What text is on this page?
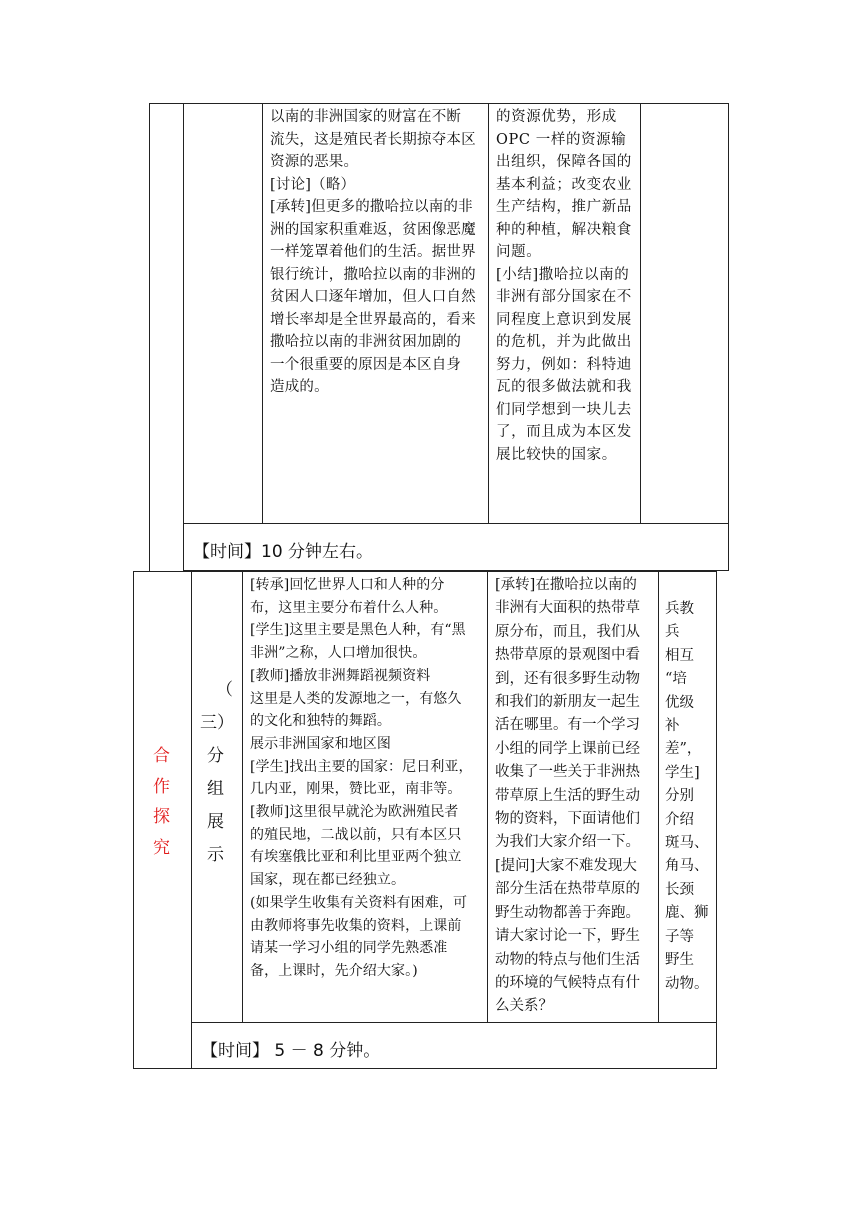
以南的非洲国家的财富在不断
流失，这是殖民者长期掠夺本区
资源的恶果。
[讨论]（略）
[承转]但更多的撒哈拉以南的非
洲的国家积重难返，贫困像恶魔
一样笼罩着他们的生活。据世界
银行统计，撒哈拉以南的非洲的
贫困人口逐年增加，但人口自然
增长率却是全世界最高的，看来
撒哈拉以南的非洲贫困加剧的
一个很重要的原因是本区自身
造成的。
的资源优势，形成
OPC 一样的资源输
出组织，保障各国的
基本利益；改变农业
生产结构，推广新品
种的种植，解决粮食
问题。
[小结]撒哈拉以南的
非洲有部分国家在不
同程度上意识到发展
的危机，并为此做出
努力，例如：科特迪
瓦的很多做法就和我
们同学想到一块儿去
了，而且成为本区发
展比较快的国家。
【时间】10 分钟左右。
合
作
探
究
（
三）
分
组
展
示
[转承]回忆世界人口和人种的分
布，这里主要分布着什么人种。
[学生]这里主要是黑色人种，有“黑
非洲”之称，人口增加很快。
[教师]播放非洲舞蹈视频资料
这里是人类的发源地之一，有悠久
的文化和独特的舞蹈。
展示非洲国家和地区图
[学生]找出主要的国家：尼日利亚，
几内亚，刚果，赞比亚，南非等。
[教师]这里很早就沦为欧洲殖民者
的殖民地，二战以前，只有本区只
有埃塞俄比亚和利比里亚两个独立
国家，现在都已经独立。
(如果学生收集有关资料有困难，可
由教师将事先收集的资料，上课前
请某一学习小组的同学先熟悉准
备，上课时，先介绍大家。)
[承转]在撒哈拉以南的
非洲有大面积的热带草
原分布，而且，我们从
热带草原的景观图中看
到，还有很多野生动物
和我们的新朋友一起生
活在哪里。有一个学习
小组的同学上课前已经
收集了一些关于非洲热
带草原上生活的野生动
物的资料，下面请他们
为我们大家介绍一下。
[提问]大家不难发现大
部分生活在热带草原的
野生动物都善于奔跑。
请大家讨论一下，野生
动物的特点与他们生活
的环境的气候特点有什
么关系？
兵教
兵
相互
“培
优级
补
差”，
学生]
分别
介绍
斑马、
角马、
长颈
鹿、狮
子等
野生
动物。
【时间】 5 － 8 分钟。
